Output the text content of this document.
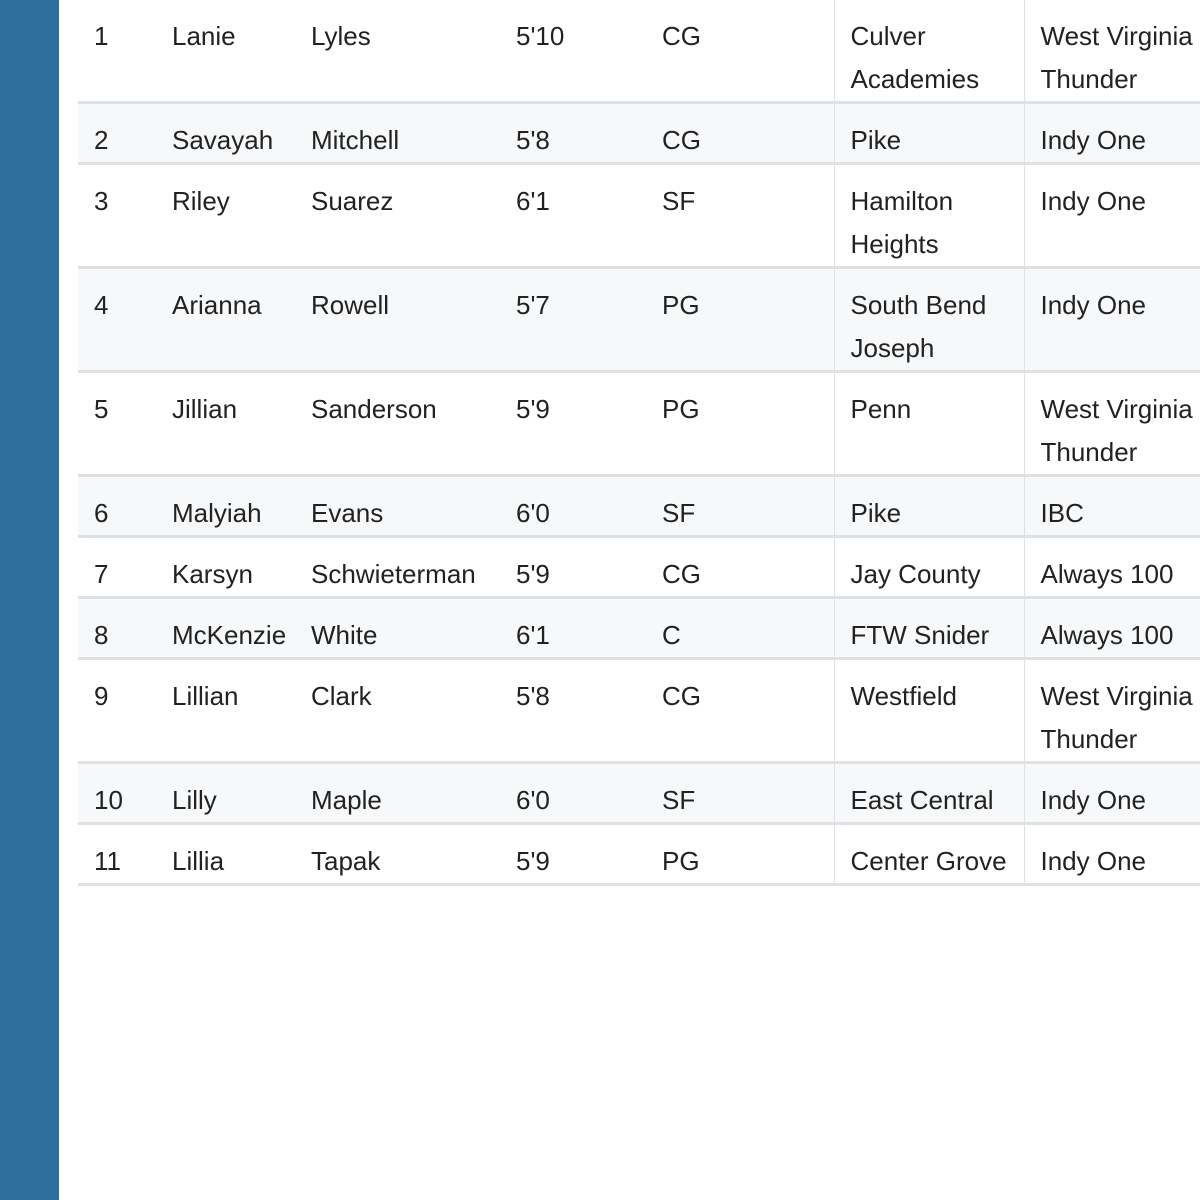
1	Lanie	Lyles	5'10	CG	Culver Academies	West Virginia Thunder
2	Savayah	Mitchell	5'8	CG	Pike	Indy One
3	Riley	Suarez	6'1	SF	Hamilton Heights	Indy One
4	Arianna	Rowell	5'7	PG	South Bend Joseph	Indy One
5	Jillian	Sanderson	5'9	PG	Penn	West Virginia Thunder
6	Malyiah	Evans	6'0	SF	Pike	IBC
7	Karsyn	Schwieterman	5'9	CG	Jay County	Always 100
8	McKenzie	White	6'1	C	FTW Snider	Always 100
9	Lillian	Clark	5'8	CG	Westfield	West Virginia Thunder
10	Lilly	Maple	6'0	SF	East Central	Indy One
11	Lillia	Tapak	5'9	PG	Center Grove	Indy One
